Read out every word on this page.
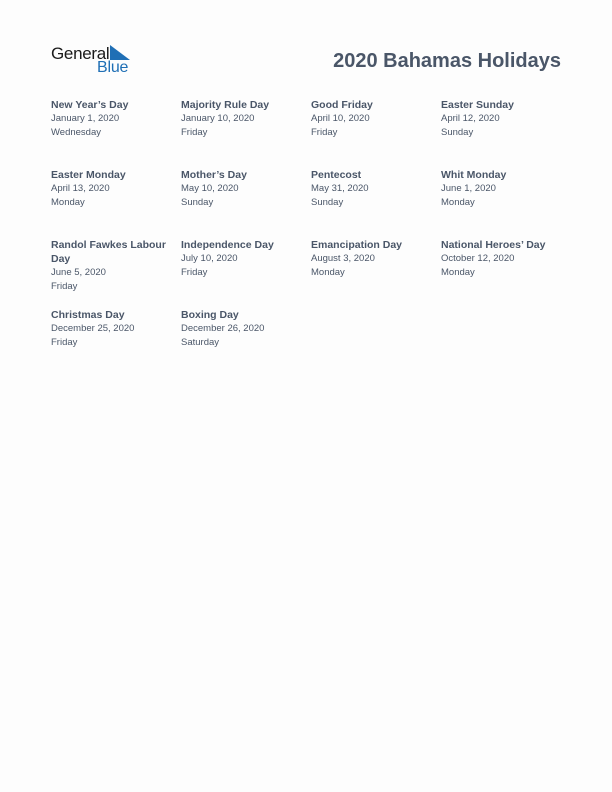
General
Blue	2020 Bahamas Holidays
New Year’s Day
January 1, 2020
Wednesday
Majority Rule Day
January 10, 2020
Friday
Good Friday
April 10, 2020
Friday
Easter Sunday
April 12, 2020
Sunday
Easter Monday
April 13, 2020
Monday
Mother’s Day
May 10, 2020
Sunday
Pentecost
May 31, 2020
Sunday
Whit Monday
June 1, 2020
Monday
Randol Fawkes Labour Day
June 5, 2020
Friday
Independence Day
July 10, 2020
Friday
Emancipation Day
August 3, 2020
Monday
National Heroes’ Day
October 12, 2020
Monday
Christmas Day
December 25, 2020
Friday
Boxing Day
December 26, 2020
Saturday
